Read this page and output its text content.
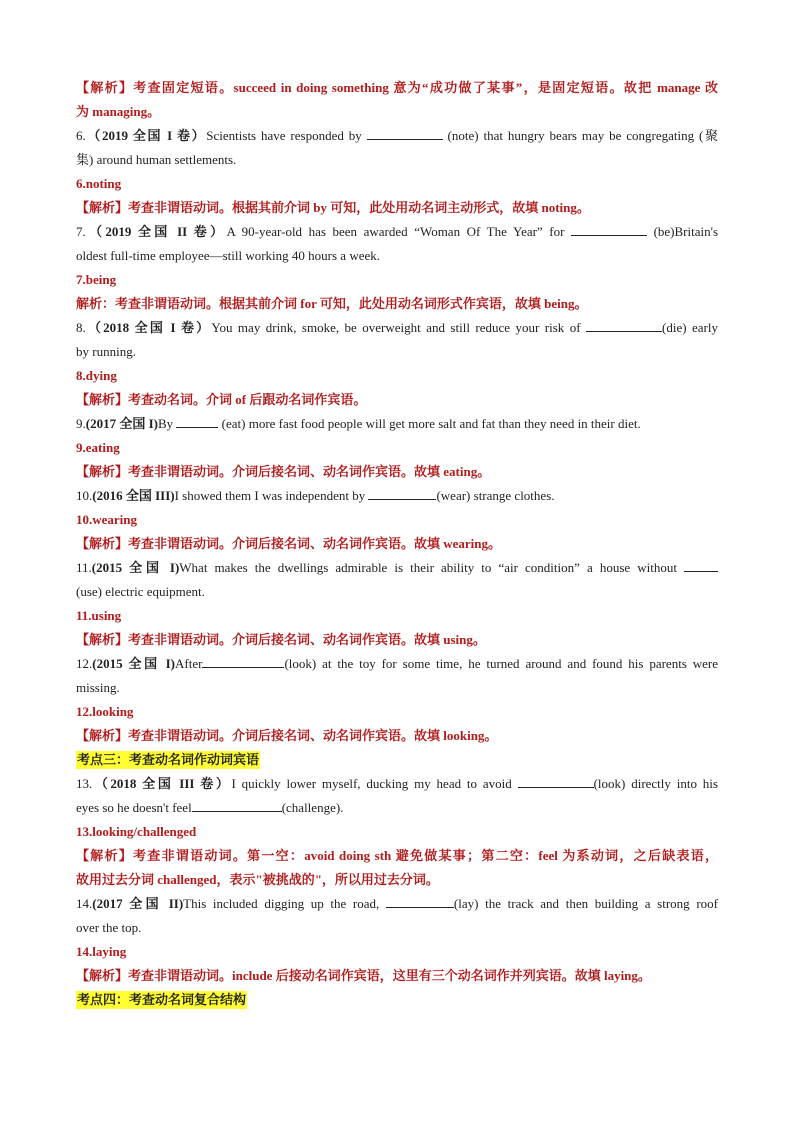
【解析】考查固定短语。succeed in doing something 意为“成功做了某事”，是固定短语。故把 manage 改
为 managing。
6.（2019 全国 I 卷）Scientists have responded by	(note) that hungry bears may be congregating (聚
集) around human settlements.
6.noting
【解析】考查非谓语动词。根据其前介词 by 可知，此处用动名词主动形式，故填 noting。
7.（2019 全国 II 卷）A 90-year-old has been awarded “Woman Of The Year” for	(be)Britain's
oldest full-time employee—still working 40 hours a week.
7.being
解析：考查非谓语动词。根据其前介词 for 可知，此处用动名词形式作宾语，故填 being。
8.（2018 全国 I 卷）You may drink, smoke, be overweight and still reduce your risk of	(die) early
by running.
8.dying
【解析】考查动名词。介词 of 后跟动名词作宾语。
9.(2017 全国 I)By	(eat) more fast food people will get more salt and fat than they need in their diet.
9.eating
【解析】考查非谓语动词。介词后接名词、动名词作宾语。故填 eating。
10.(2016 全国 III)I showed them I was independent by	(wear) strange clothes.
10.wearing
【解析】考查非谓语动词。介词后接名词、动名词作宾语。故填 wearing。
11.(2015 全国 I)What makes the dwellings admirable is their ability to “air condition” a house without
(use) electric equipment.
11.using
【解析】考查非谓语动词。介词后接名词、动名词作宾语。故填 using。
12.(2015 全国 I)After	(look) at the toy for some time, he turned around and found his parents were
missing.
12.looking
【解析】考查非谓语动词。介词后接名词、动名词作宾语。故填 looking。
考点三：考查动名词作动词宾语
13.（2018 全国 III 卷）I quickly lower myself, ducking my head to avoid	(look) directly into his
eyes so he doesn't feel	(challenge).
13.looking/challenged
【解析】考查非谓语动词。第一空：avoid doing sth 避免做某事；第二空：feel 为系动词，之后缺表语，
故用过去分词 challenged，表示"被挑战的"，所以用过去分词。
14.(2017 全国 II)This included digging up the road,	(lay) the track and then building a strong roof
over the top.
14.laying
【解析】考查非谓语动词。include 后接动名词作宾语，这里有三个动名词作并列宾语。故填 laying。
考点四：考查动名词复合结构
